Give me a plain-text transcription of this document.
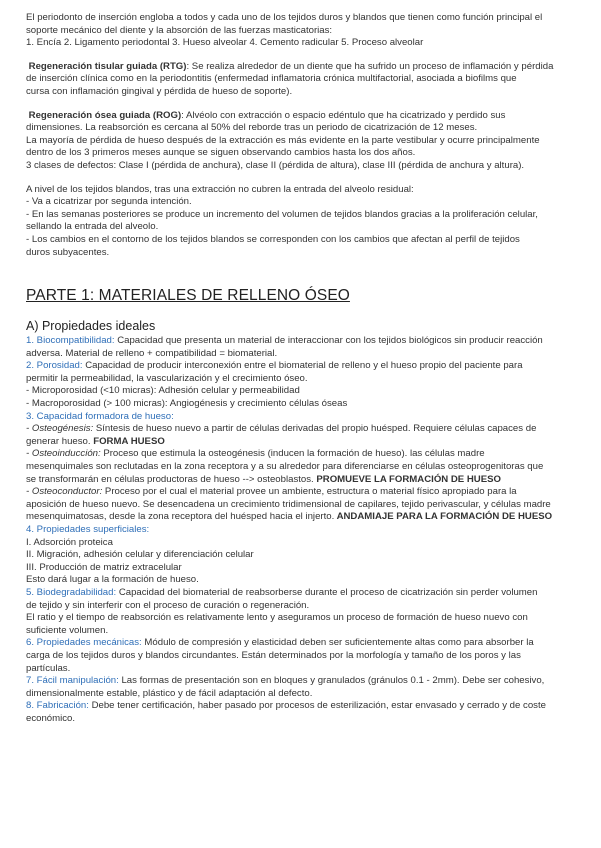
El periodonto de inserción engloba a todos y cada uno de los tejidos duros y blandos que tienen como función principal el

soporte mecánico del diente y la absorción de las fuerzas masticatorias:

1. Encía 2. Ligamento periodontal 3. Hueso alveolar 4. Cemento radicular 5. Proceso alveolar

Regeneración tisular guiada (RTG): Se realiza alrededor de un diente que ha sufrido un proceso de inflamación y pérdida

de inserción clínica como en la periodontitis (enfermedad inflamatoria crónica multifactorial, asociada a biofilms que

cursa con inflamación gingival y pérdida de hueso de soporte).

Regeneración ósea guiada (ROG): Alvéolo con extracción o espacio edéntulo que ha cicatrizado y perdido sus

dimensiones. La reabsorción es cercana al 50% del reborde tras un periodo de cicatrización de 12 meses.

La mayoría de pérdida de hueso después de la extracción es más evidente en la parte vestibular y ocurre principalmente

dentro de los 3 primeros meses aunque se siguen observando cambios hasta los dos años.

3 clases de defectos: Clase I (pérdida de anchura), clase II (pérdida de altura), clase III (pérdida de anchura y altura).

A nivel de los tejidos blandos, tras una extracción no cubren la entrada del alveolo residual:

- Va a cicatrizar por segunda intención.

- En las semanas posteriores se produce un incremento del volumen de tejidos blandos gracias a la proliferación celular,

sellando la entrada del alveolo.

- Los cambios en el contorno de los tejidos blandos se corresponden con los cambios que afectan al perfil de tejidos

duros subyacentes.

PARTE 1: MATERIALES DE RELLENO ÓSEO
A) Propiedades ideales

1. Biocompatibilidad: Capacidad que presenta un material de interaccionar con los tejidos biológicos sin producir reacción

adversa. Material de relleno + compatibilidad = biomaterial.

2. Porosidad: Capacidad de producir interconexión entre el biomaterial de relleno y el hueso propio del paciente para

permitir la permeabilidad, la vascularización y el crecimiento óseo.

- Microporosidad (<10 micras): Adhesión celular y permeabilidad

- Macroporosidad (> 100 micras): Angiogénesis y crecimiento células óseas

3. Capacidad formadora de hueso:

- Osteogénesis: Síntesis de hueso nuevo a partir de células derivadas del propio huésped. Requiere células capaces de

generar hueso. FORMA HUESO

- Osteoinducción: Proceso que estimula la osteogénesis (inducen la formación de hueso). las células madre

mesenquimales son reclutadas en la zona receptora y a su alrededor para diferenciarse en células osteoprogenitoras que

se transformarán en células productoras de hueso --> osteoblastos. PROMUEVE LA FORMACIÓN DE HUESO

- Osteoconductor: Proceso por el cual el material provee un ambiente, estructura o material físico apropiado para la

aposición de hueso nuevo. Se desencadena un crecimiento tridimensional de capilares, tejido perivascular, y células madre

mesenquimatosas, desde la zona receptora del huésped hacia el injerto. ANDAMIAJE PARA LA FORMACIÓN DE HUESO

4. Propiedades superficiales:

I. Adsorción proteica

II. Migración, adhesión celular y diferenciación celular

III. Producción de matriz extracelular

Esto dará lugar a la formación de hueso.

5. Biodegradabilidad: Capacidad del biomaterial de reabsorberse durante el proceso de cicatrización sin perder volumen

de tejido y sin interferir con el proceso de curación o regeneración.

El ratio y el tiempo de reabsorción es relativamente lento y aseguramos un proceso de formación de hueso nuevo con

suficiente volumen.

6. Propiedades mecánicas: Módulo de compresión y elasticidad deben ser suficientemente altas como para absorber la

carga de los tejidos duros y blandos circundantes. Están determinados por la morfología y tamaño de los poros y las

partículas.

7. Fácil manipulación: Las formas de presentación son en bloques y granulados (gránulos 0.1 - 2mm). Debe ser cohesivo,

dimensionalmente estable, plástico y de fácil adaptación al defecto.

8. Fabricación: Debe tener certificación, haber pasado por procesos de esterilización, estar envasado y cerrado y de coste

económico.
